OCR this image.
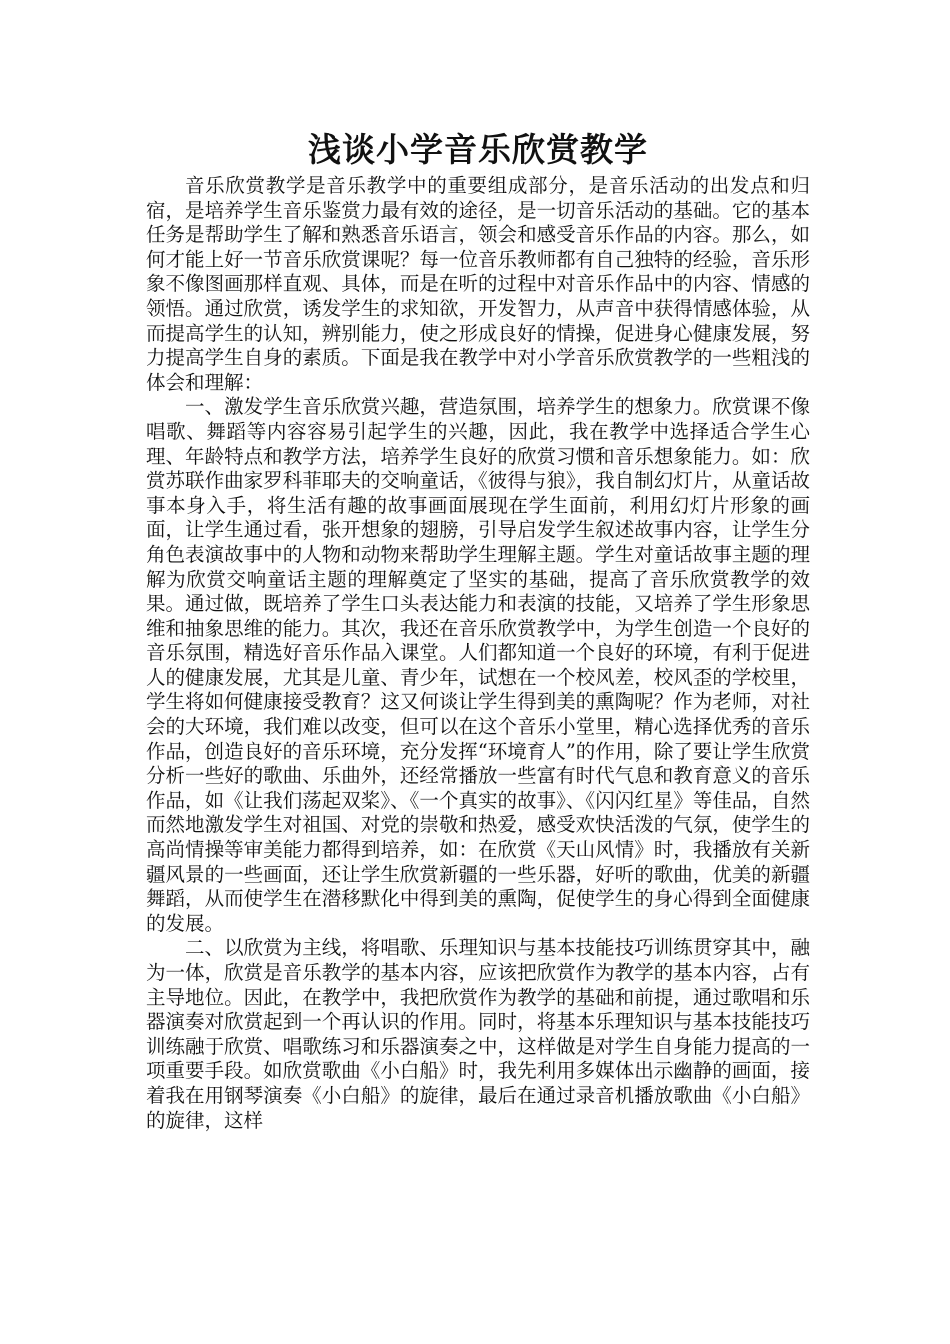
浅谈小学音乐欣赏教学

音乐欣赏教学是音乐教学中的重要组成部分，是音乐活动的出发点和归宿，是培养学生音乐鉴赏力最有效的途径，是一切音乐活动的基础。它的基本任务是帮助学生了解和熟悉音乐语言，领会和感受音乐作品的内容。那么，如何才能上好一节音乐欣赏课呢？每一位音乐教师都有自己独特的经验，音乐形象不像图画那样直观、具体，而是在听的过程中对音乐作品中的内容、情感的领悟。通过欣赏，诱发学生的求知欲，开发智力，从声音中获得情感体验，从而提高学生的认知，辨别能力，使之形成良好的情操，促进身心健康发展，努力提高学生自身的素质。下面是我在教学中对小学音乐欣赏教学的一些粗浅的体会和理解：

一、激发学生音乐欣赏兴趣，营造氛围，培养学生的想象力。欣赏课不像唱歌、舞蹈等内容容易引起学生的兴趣，因此，我在教学中选择适合学生心理、年龄特点和教学方法，培养学生良好的欣赏习惯和音乐想象能力。如：欣赏苏联作曲家罗科菲耶夫的交响童话，《彼得与狼》，我自制幻灯片，从童话故事本身入手，将生活有趣的故事画面展现在学生面前，利用幻灯片形象的画面，让学生通过看，张开想象的翅膀，引导启发学生叙述故事内容，让学生分角色表演故事中的人物和动物来帮助学生理解主题。学生对童话故事主题的理解为欣赏交响童话主题的理解奠定了坚实的基础，提高了音乐欣赏教学的效果。通过做，既培养了学生口头表达能力和表演的技能，又培养了学生形象思维和抽象思维的能力。其次，我还在音乐欣赏教学中，为学生创造一个良好的音乐氛围，精选好音乐作品入课堂。人们都知道一个良好的环境，有利于促进人的健康发展，尤其是儿童、青少年，试想在一个校风差，校风歪的学校里，学生将如何健康接受教育？这又何谈让学生得到美的熏陶呢？作为老师，对社会的大环境，我们难以改变，但可以在这个音乐小堂里，精心选择优秀的音乐作品，创造良好的音乐环境，充分发挥“环境育人”的作用，除了要让学生欣赏分析一些好的歌曲、乐曲外，还经常播放一些富有时代气息和教育意义的音乐作品，如《让我们荡起双桨》、《一个真实的故事》、《闪闪红星》等佳品，自然而然地激发学生对祖国、对党的崇敬和热爱，感受欢快活泼的气氛，使学生的高尚情操等审美能力都得到培养，如：在欣赏《天山风情》时，我播放有关新疆风景的一些画面，还让学生欣赏新疆的一些乐器，好听的歌曲，优美的新疆舞蹈，从而使学生在潜移默化中得到美的熏陶，促使学生的身心得到全面健康的发展。

二、以欣赏为主线，将唱歌、乐理知识与基本技能技巧训练贯穿其中，融为一体，欣赏是音乐教学的基本内容，应该把欣赏作为教学的基本内容，占有主导地位。因此，在教学中，我把欣赏作为教学的基础和前提，通过歌唱和乐器演奏对欣赏起到一个再认识的作用。同时，将基本乐理知识与基本技能技巧训练融于欣赏、唱歌练习和乐器演奏之中，这样做是对学生自身能力提高的一项重要手段。如欣赏歌曲《小白船》时，我先利用多媒体出示幽静的画面，接着我在用钢琴演奏《小白船》的旋律，最后在通过录音机播放歌曲《小白船》的旋律，这样
